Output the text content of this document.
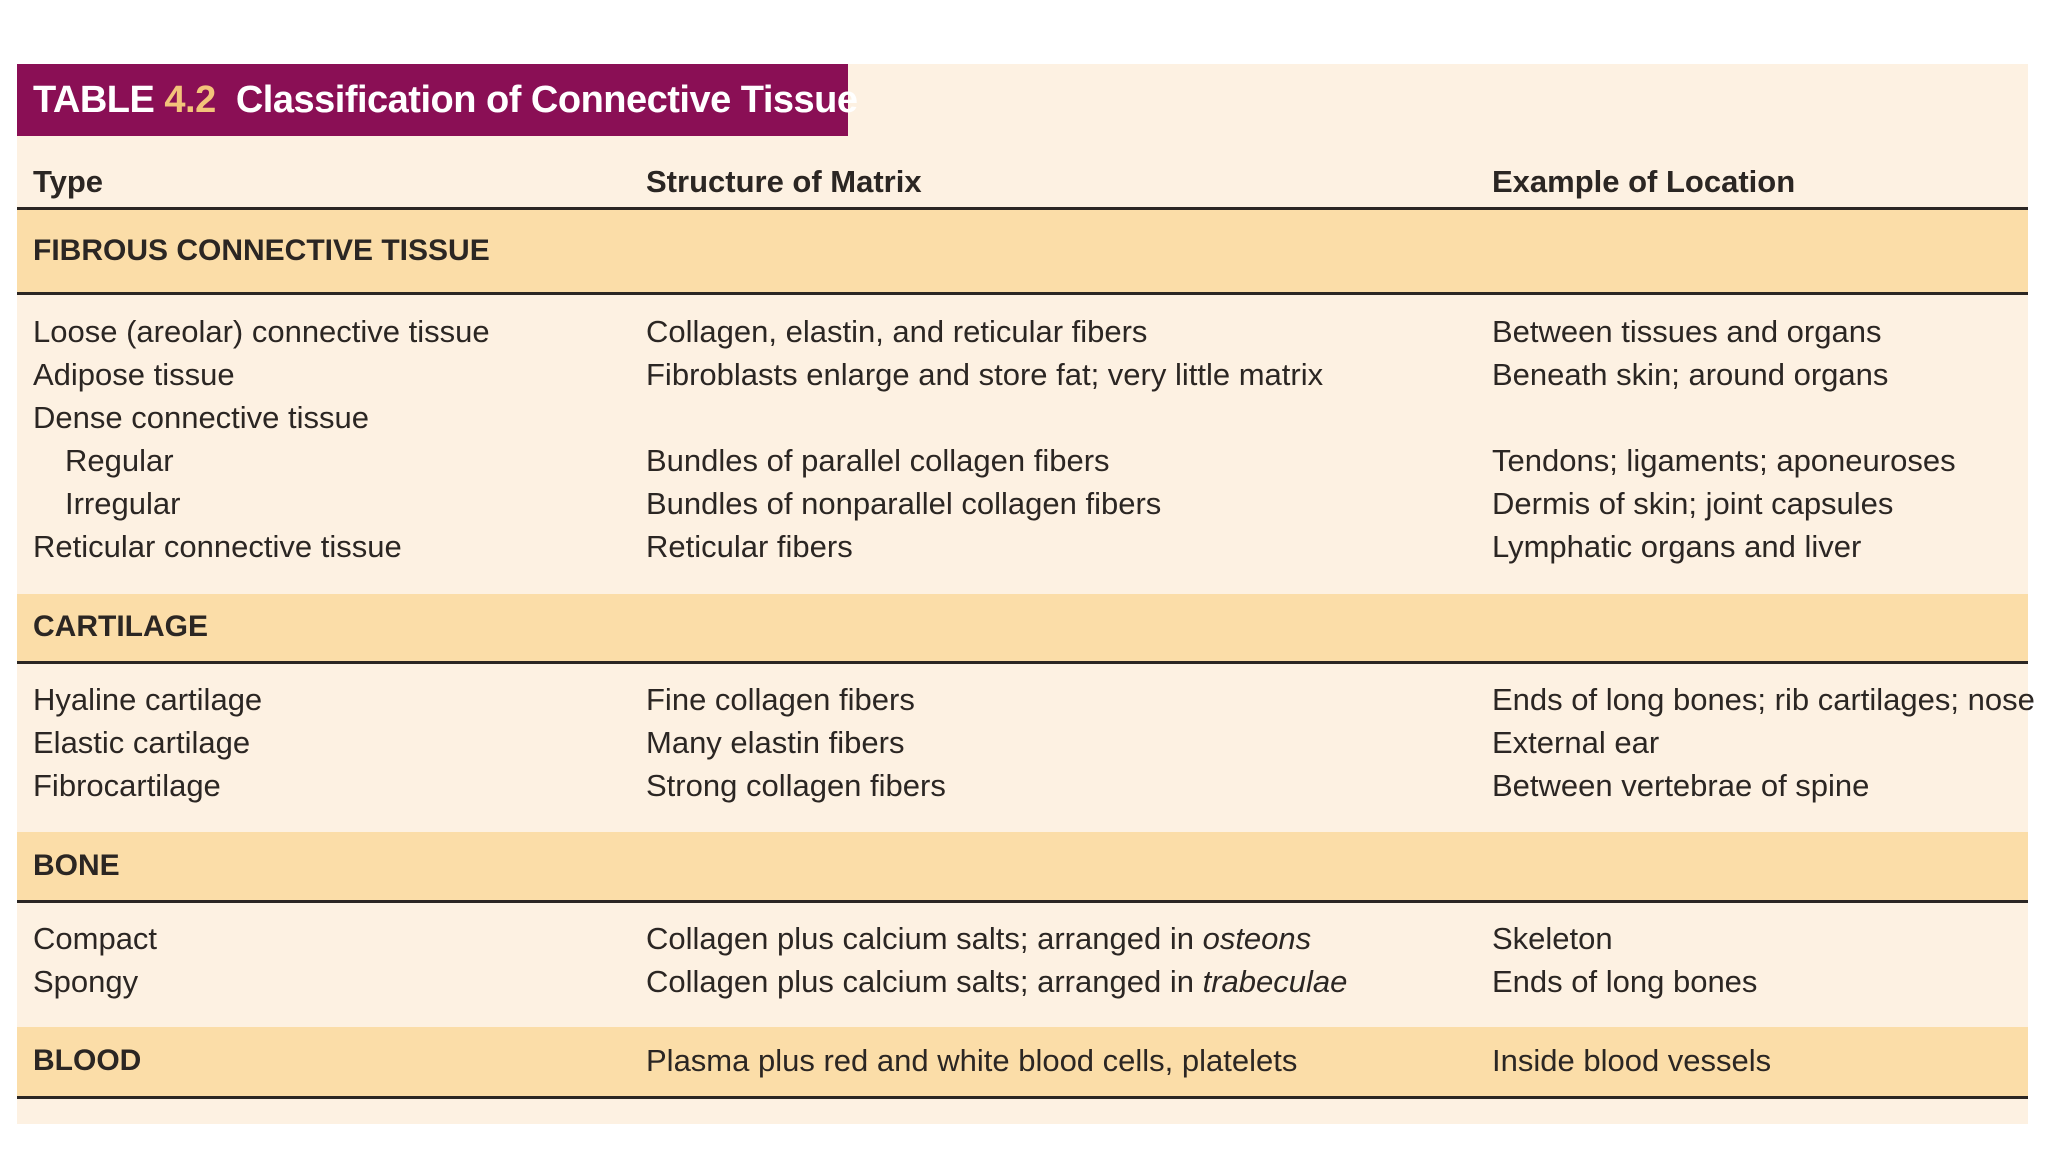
TABLE 4.2 Classification of Connective Tissue
Type	Structure of Matrix	Example of Location
FIBROUS CONNECTIVE TISSUE
Loose (areolar) connective tissue	Collagen, elastin, and reticular fibers	Between tissues and organs
Adipose tissue	Fibroblasts enlarge and store fat; very little matrix	Beneath skin; around organs
Dense connective tissue
Regular	Bundles of parallel collagen fibers	Tendons; ligaments; aponeuroses
Irregular	Bundles of nonparallel collagen fibers	Dermis of skin; joint capsules
Reticular connective tissue	Reticular fibers	Lymphatic organs and liver
CARTILAGE
Hyaline cartilage	Fine collagen fibers	Ends of long bones; rib cartilages; nose
Elastic cartilage	Many elastin fibers	External ear
Fibrocartilage	Strong collagen fibers	Between vertebrae of spine
BONE
Compact	Collagen plus calcium salts; arranged in osteons	Skeleton
Spongy	Collagen plus calcium salts; arranged in trabeculae	Ends of long bones
BLOOD	Plasma plus red and white blood cells, platelets	Inside blood vessels
